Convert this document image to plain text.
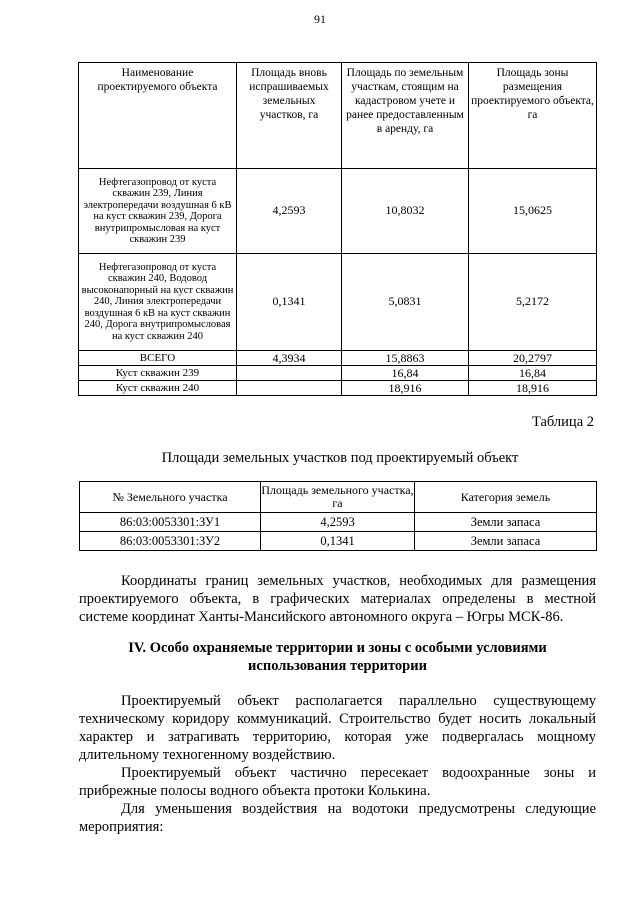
91
Наименование проектируемого объекта	Площадь вновь испрашиваемых земельных участков, га	Площадь по земельным участкам, стоящим на кадастровом учете и ранее предоставленным в аренду, га	Площадь зоны размещения проектируемого объекта, га
Нефтегазопровод от куста скважин 239, Линия электропередачи воздушная 6 кВ на куст скважин 239, Дорога внутрипромысловая на куст скважин 239	4,2593	10,8032	15,0625
Нефтегазопровод от куста скважин 240, Водовод высоконапорный на куст скважин 240, Линия электропередачи воздушная 6 кВ на куст скважин 240, Дорога внутрипромысловая на куст скважин 240	0,1341	5,0831	5,2172
ВСЕГО	4,3934	15,8863	20,2797
Куст скважин 239		16,84	16,84
Куст скважин 240		18,916	18,916
Таблица 2
Площади земельных участков под проектируемый объект
№ Земельного участка	Площадь земельного участка, га	Категория земель
86:03:0053301:ЗУ1	4,2593	Земли запаса
86:03:0053301:ЗУ2	0,1341	Земли запаса

Координаты границ земельных участков, необходимых для размещения проектируемого объекта, в графических материалах определены в местной системе координат Ханты-Мансийского автономного округа – Югры МСК-86.

IV. Особо охраняемые территории и зоны с особыми условиями использования территории

Проектируемый объект располагается параллельно существующему техническому коридору коммуникаций. Строительство будет носить локальный характер и затрагивать территорию, которая уже подвергалась мощному длительному техногенному воздействию.

Проектируемый объект частично пересекает водоохранные зоны и прибрежные полосы водного объекта протоки Колькина.

Для уменьшения воздействия на водотоки предусмотрены следующие мероприятия:
